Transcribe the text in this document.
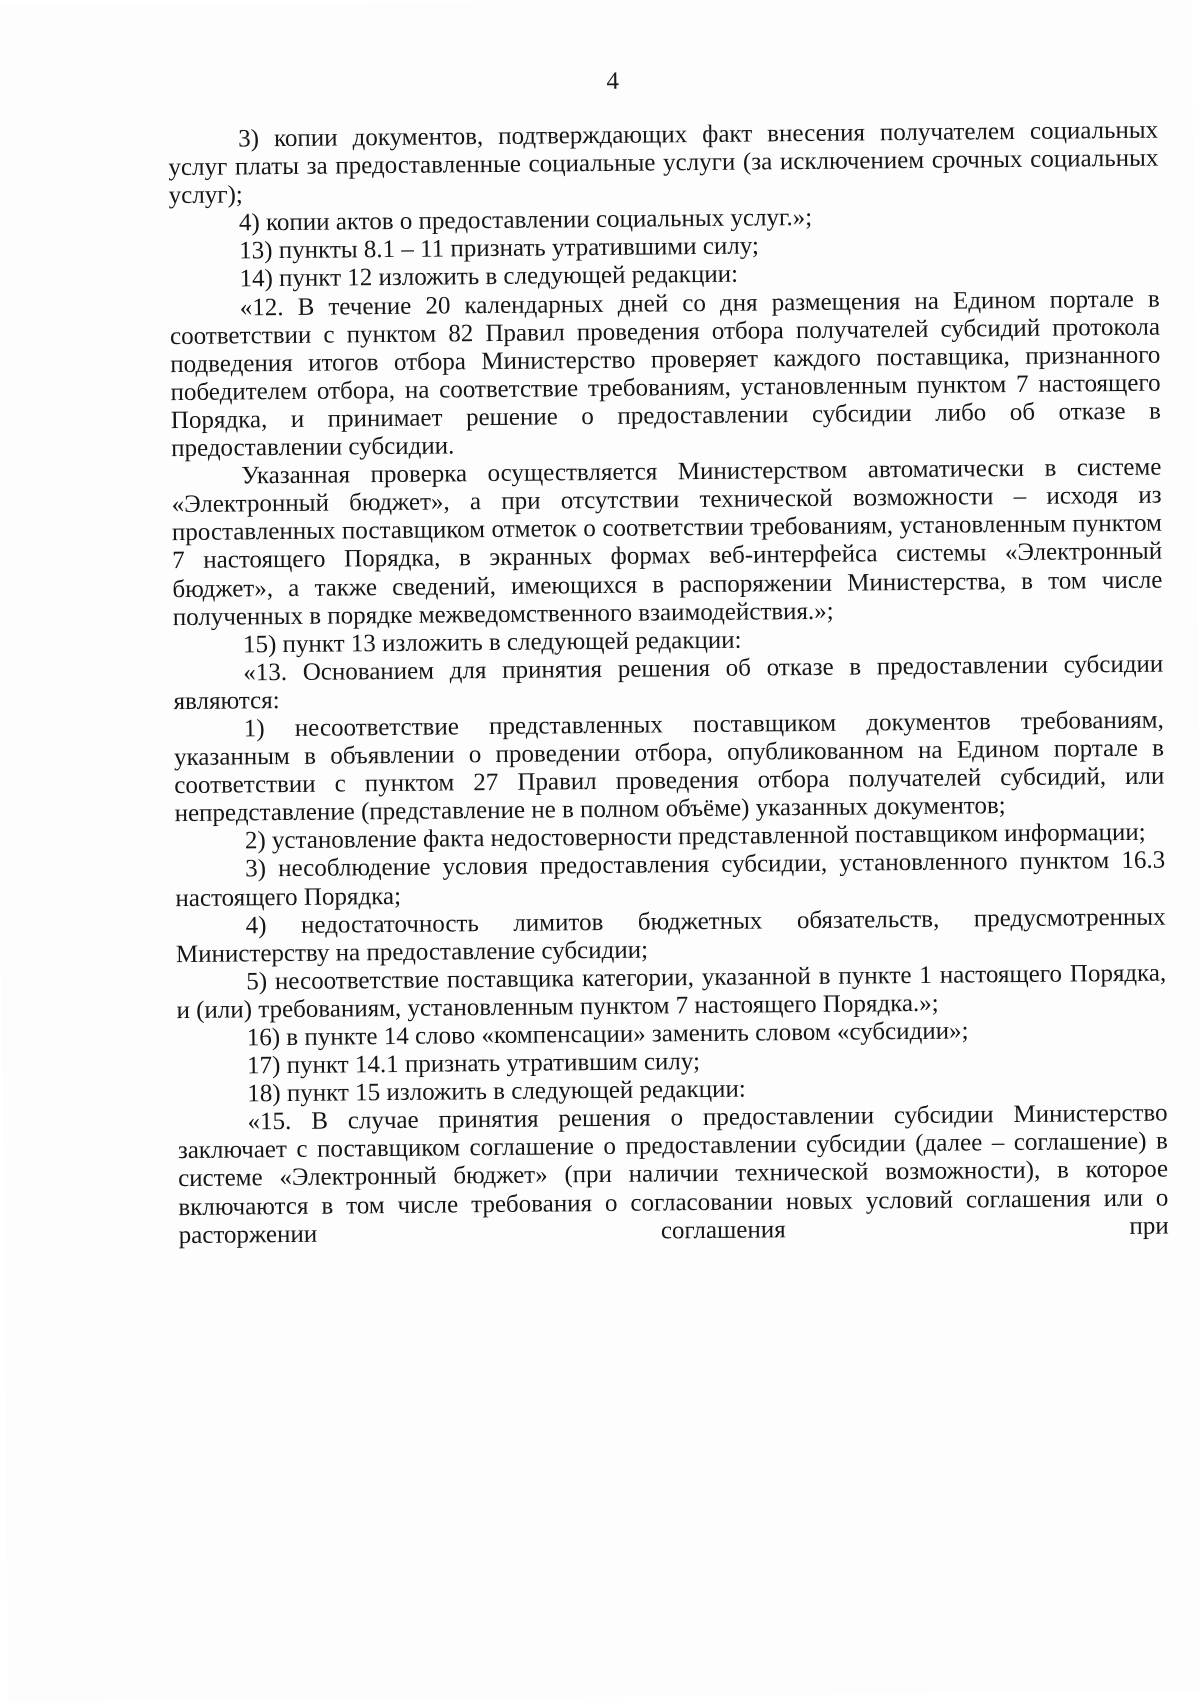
4

3) копии документов, подтверждающих факт внесения получателем социальных услуг платы за предоставленные социальные услуги (за исключением срочных социальных услуг);

4) копии актов о предоставлении социальных услуг.»;

13) пункты 8.1 – 11 признать утратившими силу;

14) пункт 12 изложить в следующей редакции:

«12. В течение 20 календарных дней со дня размещения на Едином портале в соответствии с пунктом 82 Правил проведения отбора получателей субсидий протокола подведения итогов отбора Министерство проверяет каждого поставщика, признанного победителем отбора, на соответствие требованиям, установленным пунктом 7 настоящего Порядка, и принимает решение о предоставлении субсидии либо об отказе в предоставлении субсидии.

Указанная проверка осуществляется Министерством автоматически в системе «Электронный бюджет», а при отсутствии технической возможности – исходя из проставленных поставщиком отметок о соответствии требованиям, установленным пунктом 7 настоящего Порядка, в экранных формах веб-интерфейса системы «Электронный бюджет», а также сведений, имеющихся в распоряжении Министерства, в том числе полученных в порядке межведомственного взаимодействия.»;

15) пункт 13 изложить в следующей редакции:

«13. Основанием для принятия решения об отказе в предоставлении субсидии являются:

1) несоответствие представленных поставщиком документов требованиям, указанным в объявлении о проведении отбора, опубликованном на Едином портале в соответствии с пунктом 27 Правил проведения отбора получателей субсидий, или непредставление (представление не в полном объёме) указанных документов;

2) установление факта недостоверности представленной поставщиком информации;

3) несоблюдение условия предоставления субсидии, установленного пунктом 16.3 настоящего Порядка;

4) недостаточность лимитов бюджетных обязательств, предусмотренных Министерству на предоставление субсидии;

5) несоответствие поставщика категории, указанной в пункте 1 настоящего Порядка, и (или) требованиям, установленным пунктом 7 настоящего Порядка.»;

16) в пункте 14 слово «компенсации» заменить словом «субсидии»;

17) пункт 14.1 признать утратившим силу;

18) пункт 15 изложить в следующей редакции:

«15. В случае принятия решения о предоставлении субсидии Министерство заключает с поставщиком соглашение о предоставлении субсидии (далее – соглашение) в системе «Электронный бюджет» (при наличии технической возможности), в которое включаются в том числе требования о согласовании новых условий соглашения или о расторжении соглашения при
